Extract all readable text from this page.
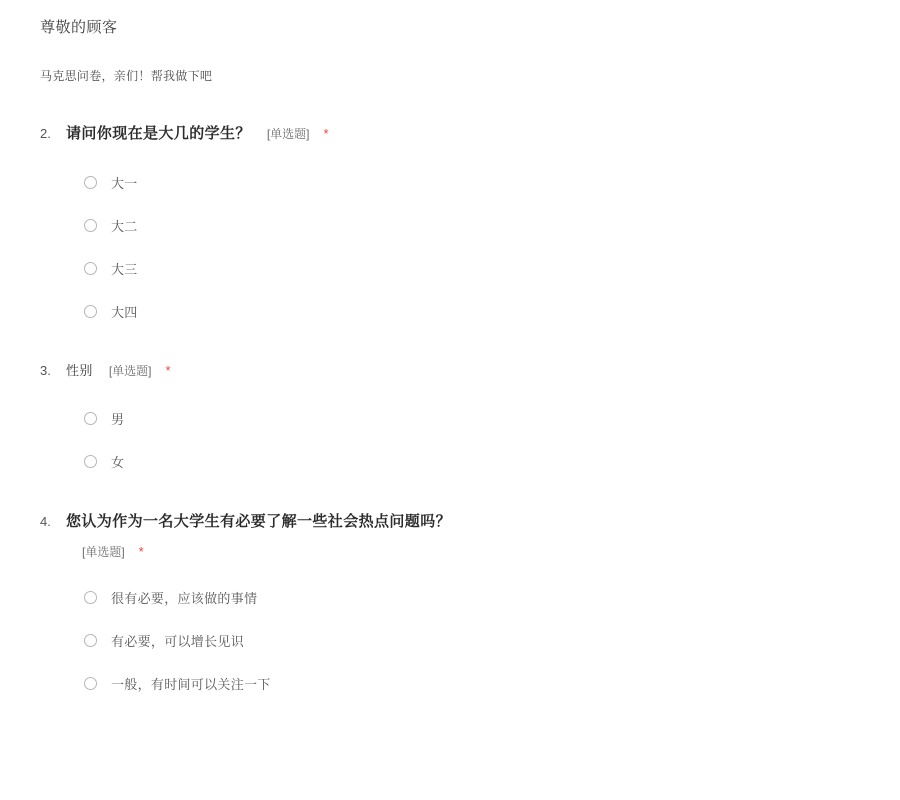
尊敬的顾客
马克思问卷，亲们！帮我做下吧
2.	请问你现在是大几的学生？ [单选题] *
大一
大二
大三
大四
3.	性别 [单选题] *
男
女
4.	您认为作为一名大学生有必要了解一些社会热点问题吗？
[单选题] *
很有必要，应该做的事情
有必要，可以增长见识
一般，有时间可以关注一下
